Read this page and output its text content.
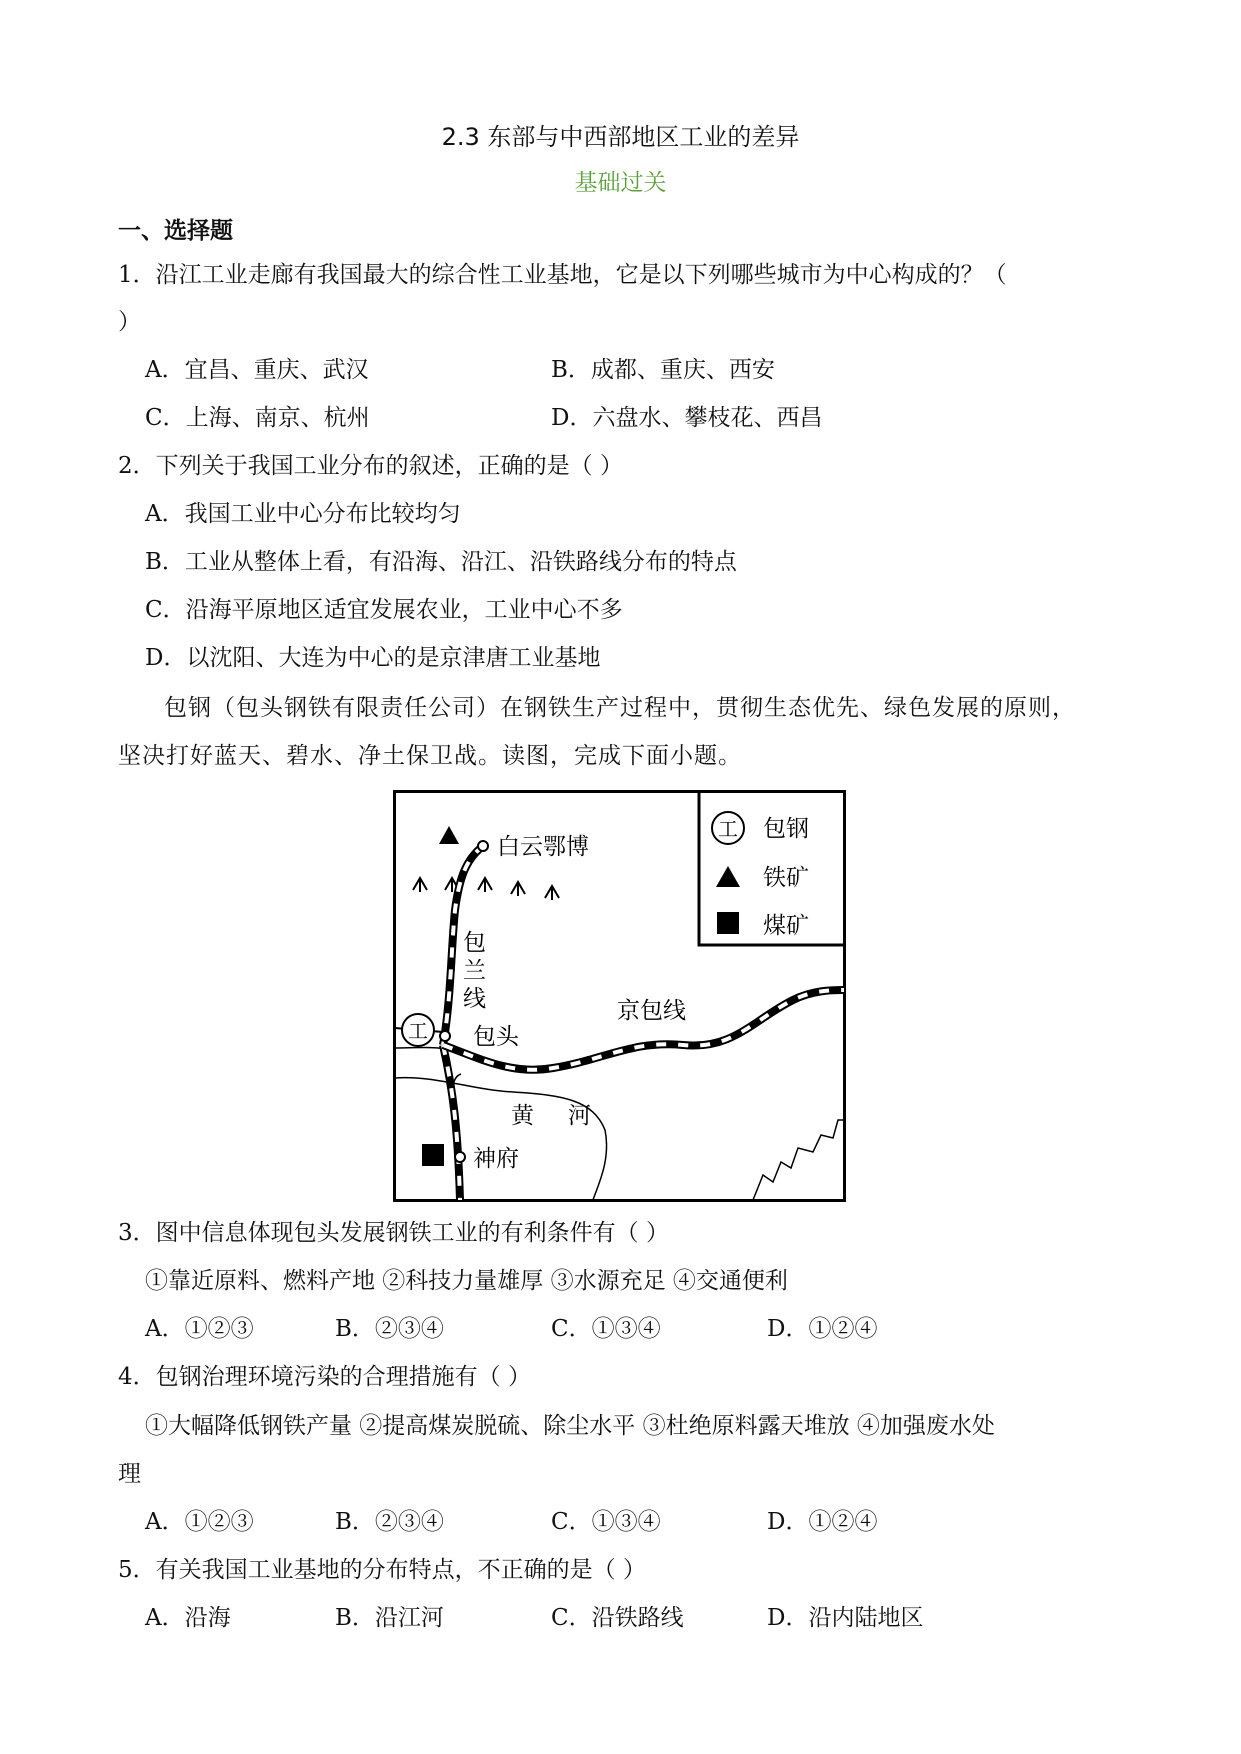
2.3 东部与中西部地区工业的差异
基础过关
一、选择题
1．沿江工业走廊有我国最大的综合性工业基地，它是以下列哪些城市为中心构成的？（
）
A．宜昌、重庆、武汉	B．成都、重庆、西安
C．上海、南京、杭州	D．六盘水、攀枝花、西昌
2．下列关于我国工业分布的叙述，正确的是（ ）
A．我国工业中心分布比较均匀
B．工业从整体上看，有沿海、沿江、沿铁路线分布的特点
C．沿海平原地区适宜发展农业，工业中心不多
D．以沈阳、大连为中心的是京津唐工业基地
包钢（包头钢铁有限责任公司）在钢铁生产过程中，贯彻生态优先、绿色发展的原则，
坚决打好蓝天、碧水、净土保卫战。读图，完成下面小题。
工 包钢
铁矿
煤矿
工
白云鄂博
包
兰
线	京包线
包头
黄 河
神府
3．图中信息体现包头发展钢铁工业的有利条件有（ ）
①靠近原料、燃料产地 ②科技力量雄厚 ③水源充足 ④交通便利
A．①②③	B．②③④	C．①③④	D．①②④
4．包钢治理环境污染的合理措施有（ ）
①大幅降低钢铁产量 ②提高煤炭脱硫、除尘水平 ③杜绝原料露天堆放 ④加强废水处
理
A．①②③	B．②③④	C．①③④	D．①②④
5．有关我国工业基地的分布特点，不正确的是（ ）
A．沿海	B．沿江河	C．沿铁路线	D．沿内陆地区
